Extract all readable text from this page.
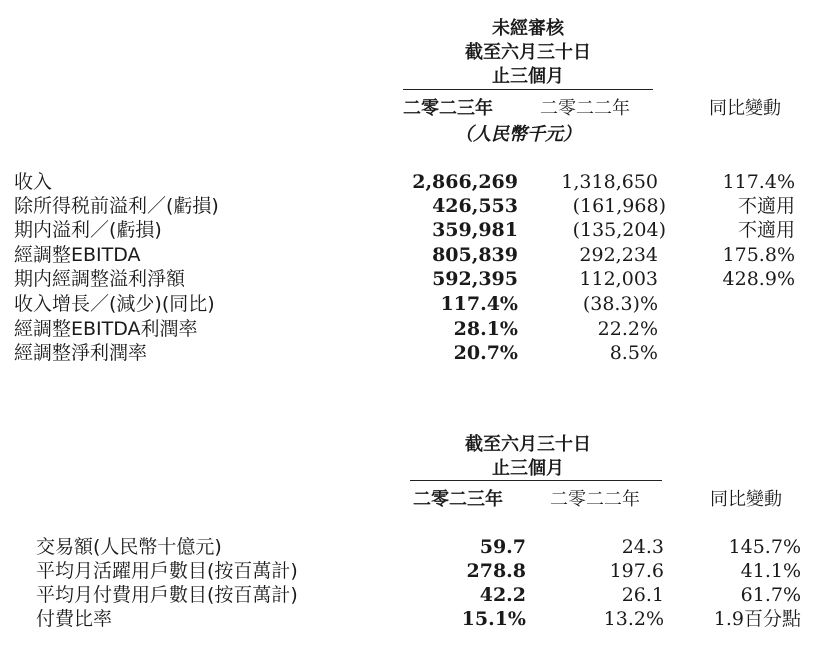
未經審核
截至六月三十日
止三個月
二零二三年	二零二二年	同比變動
（人民幣千元）
收入	2,866,269 1,318,650	117.4%
除所得税前溢利／(虧損)	426,553	(161,968)	不適用
期内溢利／(虧損)	359,981	(135,204)	不適用
經調整EBITDA	805,839	292,234	175.8%
期内經調整溢利淨額	592,395	112,003	428.9%
收入增長／(減少)(同比)	117.4%	(38.3)%
經調整EBITDA利潤率	28.1%	22.2%
經調整淨利潤率	20.7%	8.5%
截至六月三十日
止三個月
二零二三年	二零二二年	同比變動
交易額(人民幣十億元)	59.7	24.3	145.7%
平均月活躍用戶數目(按百萬計)	278.8	197.6	41.1%
平均月付費用戶數目(按百萬計)	42.2	26.1	61.7%
付費比率	15.1%	13.2%	1.9百分點
